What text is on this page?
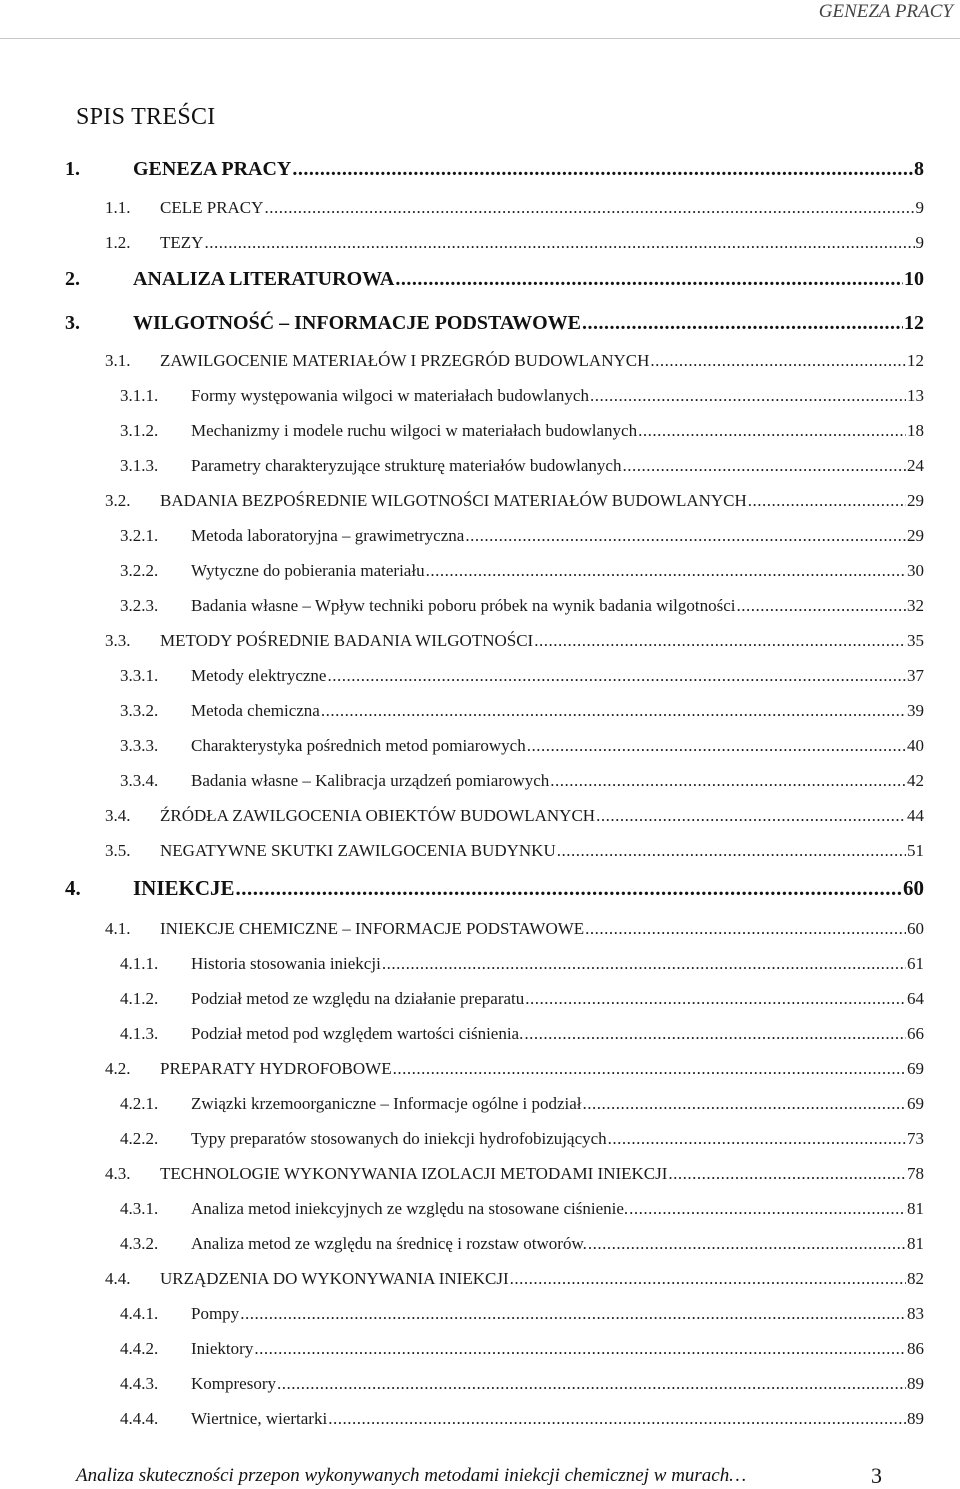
GENEZA PRACY
SPIS TREŚCI
1.	GENEZA PRACY .....	8
1.1.	CELE PRACY .....	9
1.2.	TEZY .....	9
2.	ANALIZA LITERATUROWA .....	10
3.	WILGOTNOŚĆ – INFORMACJE PODSTAWOWE .....	12
3.1.	ZAWILGOCENIE MATERIAŁÓW I PRZEGRÓD BUDOWLANYCH .....	12
3.1.1.	Formy występowania wilgoci w materiałach budowlanych .....	13
3.1.2.	Mechanizmy i modele ruchu wilgoci w materiałach budowlanych .....	18
3.1.3.	Parametry charakteryzujące strukturę materiałów budowlanych .....	24
3.2.	BADANIA BEZPOŚREDNIE WILGOTNOŚCI MATERIAŁÓW BUDOWLANYCH .....	29
3.2.1.	Metoda laboratoryjna – grawimetryczna .....	29
3.2.2.	Wytyczne do pobierania materiału .....	30
3.2.3.	Badania własne – Wpływ techniki poboru próbek na wynik badania wilgotności .....	32
3.3.	METODY POŚREDNIE BADANIA WILGOTNOŚCI .....	35
3.3.1.	Metody elektryczne .....	37
3.3.2.	Metoda chemiczna .....	39
3.3.3.	Charakterystyka pośrednich metod pomiarowych .....	40
3.3.4.	Badania własne – Kalibracja urządzeń pomiarowych .....	42
3.4.	ŹRÓDŁA ZAWILGOCENIA OBIEKTÓW BUDOWLANYCH .....	44
3.5.	NEGATYWNE SKUTKI ZAWILGOCENIA BUDYNKU .....	51
4.	INIEKCJE .....	60
4.1.	INIEKCJE CHEMICZNE – INFORMACJE PODSTAWOWE .....	60
4.1.1.	Historia stosowania iniekcji .....	61
4.1.2.	Podział metod ze względu na działanie preparatu .....	64
4.1.3.	Podział metod pod względem wartości ciśnienia. .....	66
4.2.	PREPARATY HYDROFOBOWE .....	69
4.2.1.	Związki krzemoorganiczne – Informacje ogólne i podział .....	69
4.2.2.	Typy preparatów stosowanych do iniekcji hydrofobizujących .....	73
4.3.	TECHNOLOGIE WYKONYWANIA IZOLACJI METODAMI INIEKCJI .....	78
4.3.1.	Analiza metod iniekcyjnych ze względu na stosowane ciśnienie. .....	81
4.3.2.	Analiza metod ze względu na średnicę i rozstaw otworów. .....	81
4.4.	URZĄDZENIA DO WYKONYWANIA INIEKCJI .....	82
4.4.1.	Pompy .....	83
4.4.2.	Iniektory .....	86
4.4.3.	Kompresory .....	89
4.4.4.	Wiertnice, wiertarki .....	89
Analiza skuteczności przepon wykonywanych metodami iniekcji chemicznej w murach…	3
